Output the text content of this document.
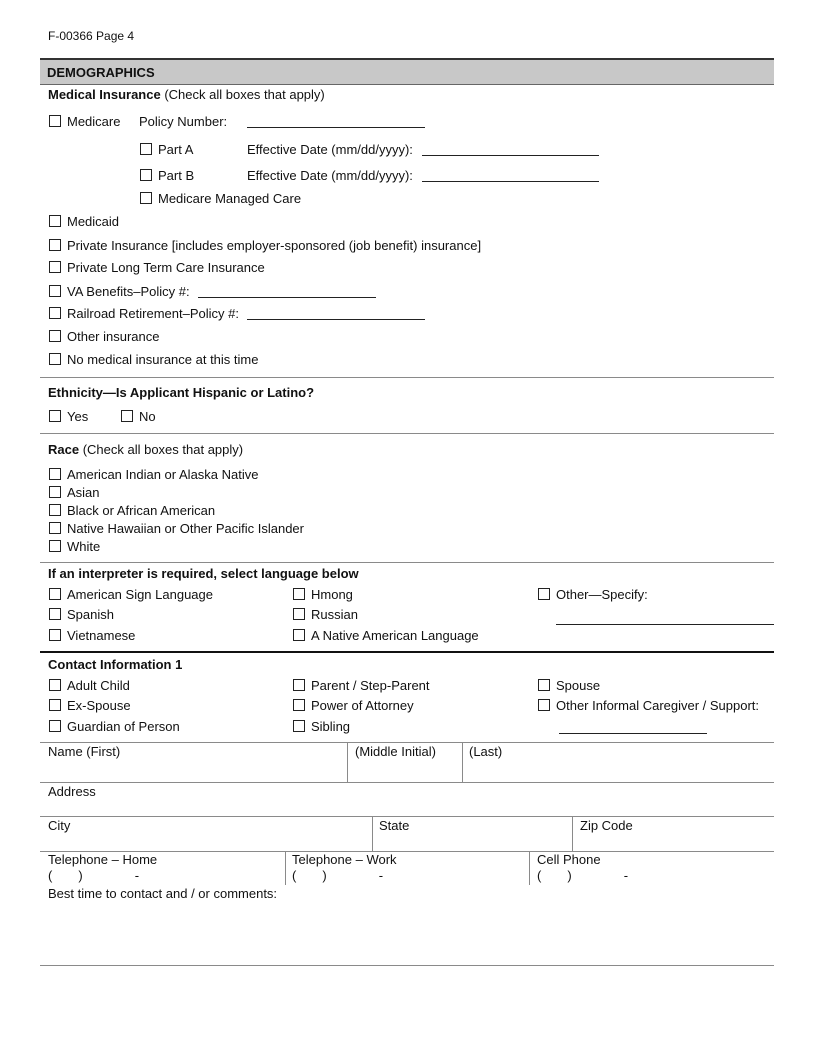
F-00366 Page 4
DEMOGRAPHICS
Medical Insurance (Check all boxes that apply)
Medicare Policy Number:
Part A	Effective Date (mm/dd/yyyy):
Part B	Effective Date (mm/dd/yyyy):
Medicare Managed Care
Medicaid
Private Insurance [includes employer-sponsored (job benefit) insurance]
Private Long Term Care Insurance
VA Benefits–Policy #:
Railroad Retirement–Policy #:
Other insurance
No medical insurance at this time
Ethnicity—Is Applicant Hispanic or Latino?
Yes	No
Race (Check all boxes that apply)
American Indian or Alaska Native
Asian
Black or African American
Native Hawaiian or Other Pacific Islander
White
If an interpreter is required, select language below
American Sign Language
Spanish
Vietnamese
Hmong
Russian
A Native American Language
Other—Specify:
Contact Information 1
Adult Child
Ex-Spouse
Guardian of Person
Parent / Step-Parent
Power of Attorney
Sibling
Spouse
Other Informal Caregiver / Support:
Name (First)	(Middle Initial)	(Last)
Address
City	State	Zip Code
Telephone – Home
( )	-
Telephone – Work
( )	-
Cell Phone
( )	-
Best time to contact and / or comments:
